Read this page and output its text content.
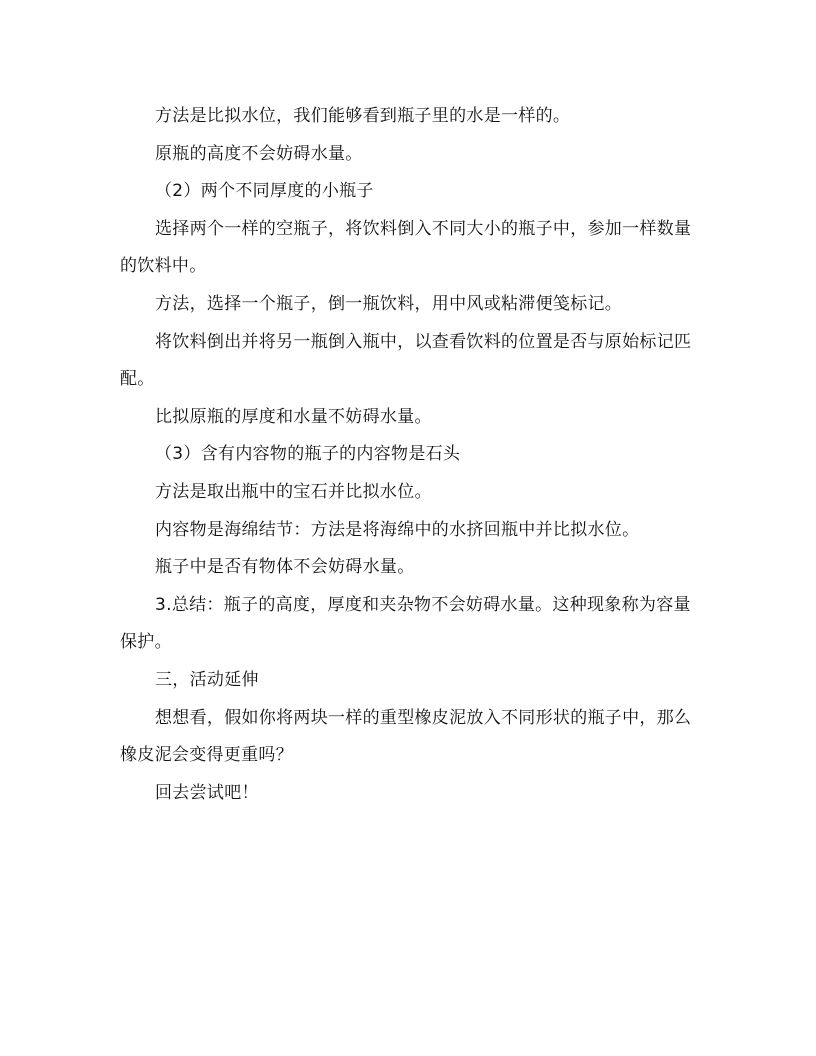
方法是比拟水位，我们能够看到瓶子里的水是一样的。

原瓶的高度不会妨碍水量。

（2）两个不同厚度的小瓶子

选择两个一样的空瓶子，将饮料倒入不同大小的瓶子中，参加一样数量的饮料中。

方法，选择一个瓶子，倒一瓶饮料，用中风或粘滞便笺标记。

将饮料倒出并将另一瓶倒入瓶中，以查看饮料的位置是否与原始标记匹配。

比拟原瓶的厚度和水量不妨碍水量。

（3）含有内容物的瓶子的内容物是石头

方法是取出瓶中的宝石并比拟水位。

内容物是海绵结节：方法是将海绵中的水挤回瓶中并比拟水位。

瓶子中是否有物体不会妨碍水量。

3.总结：瓶子的高度，厚度和夹杂物不会妨碍水量。这种现象称为容量保护。

三，活动延伸

想想看，假如你将两块一样的重型橡皮泥放入不同形状的瓶子中，那么橡皮泥会变得更重吗？

回去尝试吧！
